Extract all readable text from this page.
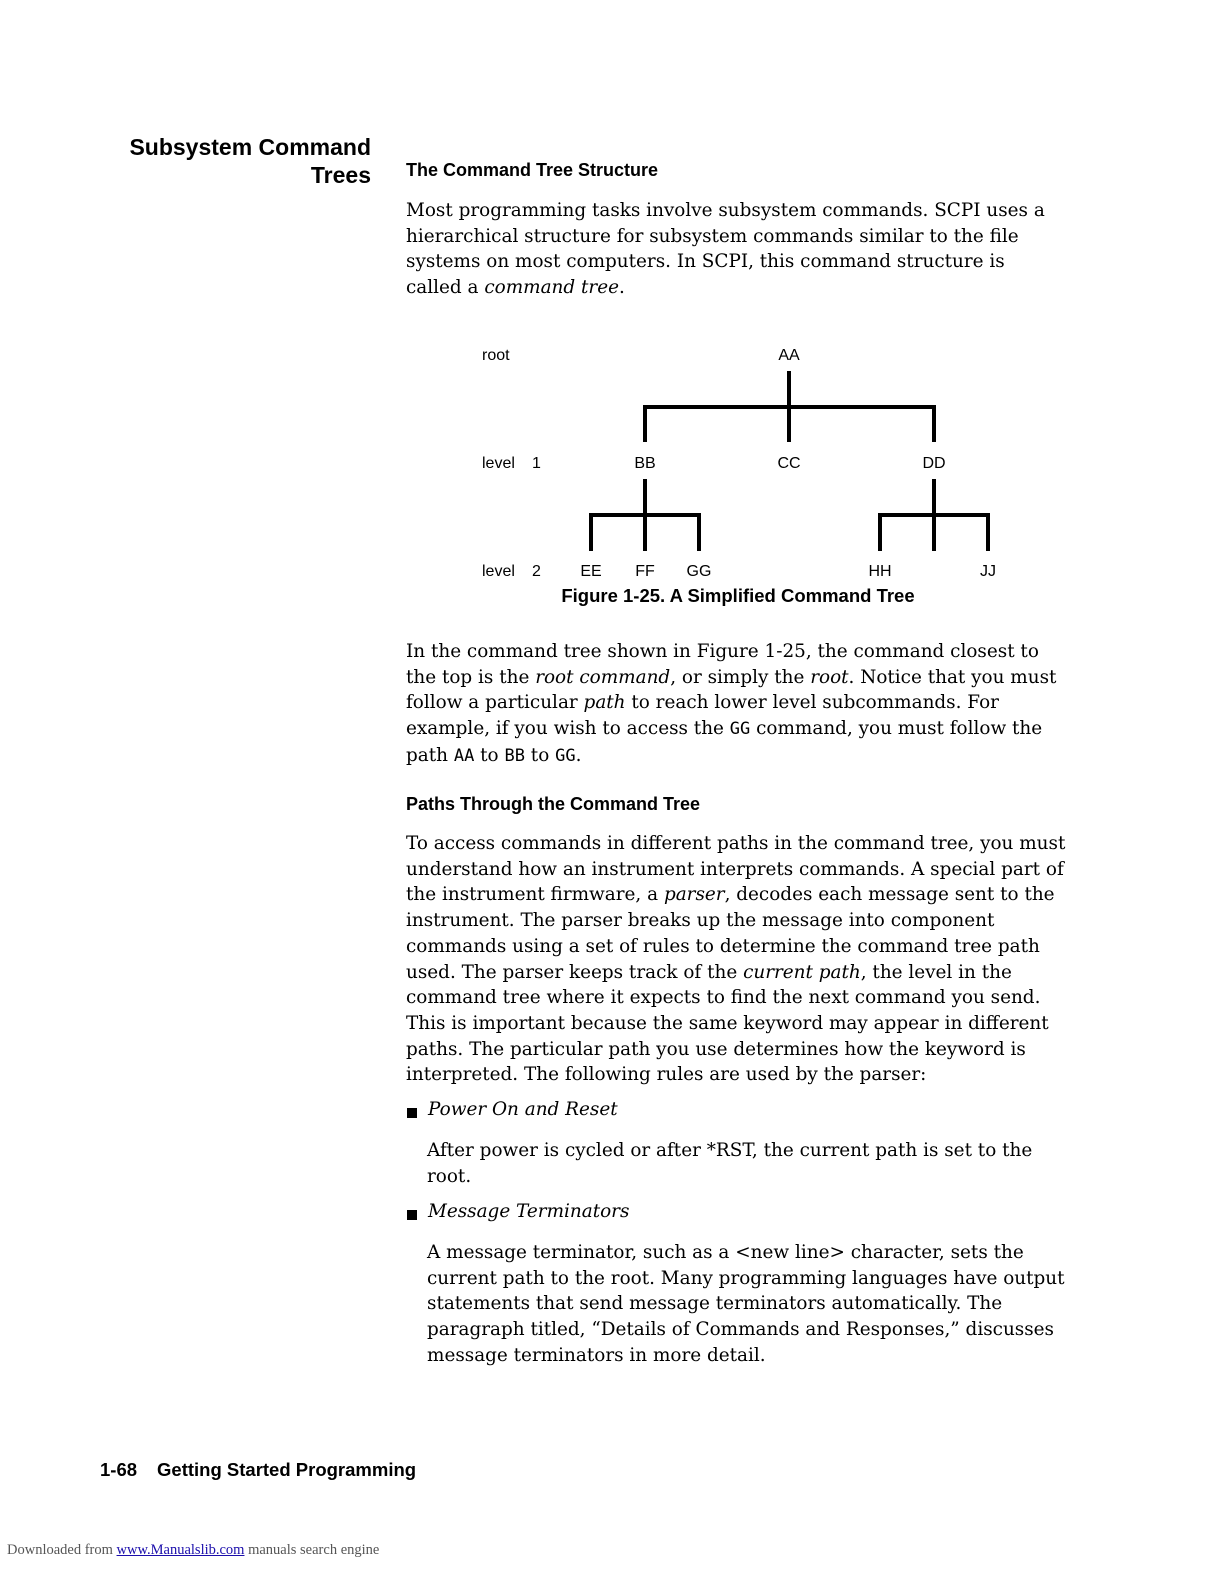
Subsystem Command
Trees The Command Tree Structure
Most programming tasks involve subsystem commands. SCPI uses a hierarchical structure for subsystem commands similar to the file systems on most computers. In SCPI, this command structure is called a command tree.
root
level 1
level 2
AA
BB	CC	DD
EE FF GG	HH	JJ
Figure 1-25. A Simplified Command Tree
In the command tree shown in Figure 1-25, the command closest to the top is the root command, or simply the root. Notice that you must follow a particular path to reach lower level subcommands. For example, if you wish to access the GG command, you must follow the path AA to BB to GG.
Paths Through the Command Tree
To access commands in different paths in the command tree, you must understand how an instrument interprets commands. A special part of the instrument firmware, a parser, decodes each message sent to the instrument. The parser breaks up the message into component commands using a set of rules to determine the command tree path used. The parser keeps track of the current path, the level in the command tree where it expects to find the next command you send. This is important because the same keyword may appear in different paths. The particular path you use determines how the keyword is interpreted. The following rules are used by the parser:
Power On and Reset
After power is cycled or after *RST, the current path is set to the root.
Message Terminators
A message terminator, such as a <new line> character, sets the current path to the root. Many programming languages have output statements that send message terminators automatically. The paragraph titled, “Details of Commands and Responses,” discusses message terminators in more detail.
1-68 Getting Started Programming
Downloaded from www.Manualslib.com manuals search engine
